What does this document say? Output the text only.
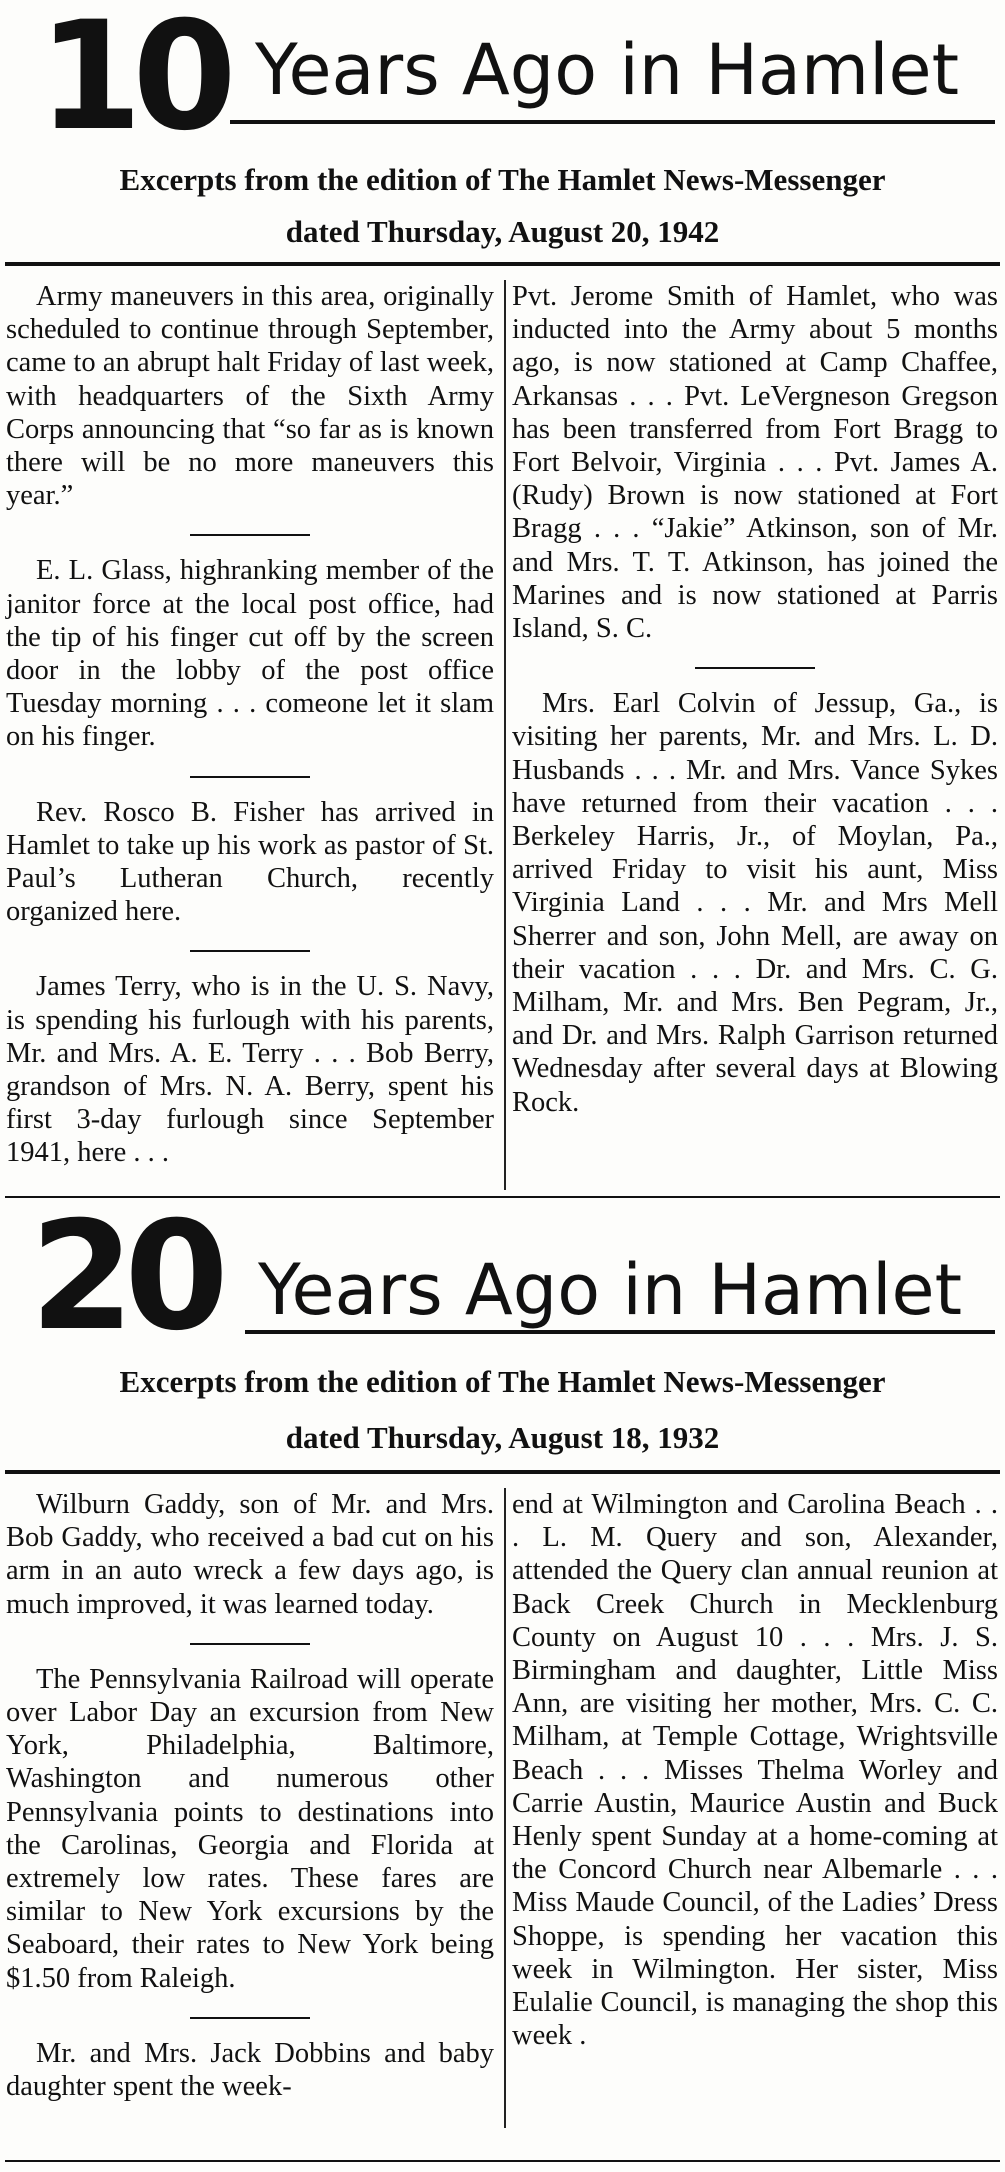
10 Years Ago in Hamlet
Excerpts from the edition of The Hamlet News-Messenger
dated Thursday, August 20, 1942

Army maneuvers in this area, originally scheduled to continue through September, came to an abrupt halt Friday of last week, with headquarters of the Sixth Army Corps announcing that “so far as is known there will be no more maneuvers this year.”

E. L. Glass, highranking member of the janitor force at the local post office, had the tip of his finger cut off by the screen door in the lobby of the post office Tuesday morning . . . comeone let it slam on his finger.

Rev. Rosco B. Fisher has arrived in Hamlet to take up his work as pastor of St. Paul’s Lutheran Church, recently organized here.

James Terry, who is in the U. S. Navy, is spending his furlough with his parents, Mr. and Mrs. A. E. Terry . . . Bob Berry, grandson of Mrs. N. A. Berry, spent his first 3-day furlough since September 1941, here . . .

Pvt. Jerome Smith of Hamlet, who was inducted into the Army about 5 months ago, is now stationed at Camp Chaffee, Arkansas . . . Pvt. LeVergneson Gregson has been transferred from Fort Bragg to Fort Belvoir, Virginia . . . Pvt. James A. (Rudy) Brown is now stationed at Fort Bragg . . . “Jakie” Atkinson, son of Mr. and Mrs. T. T. Atkinson, has joined the Marines and is now stationed at Parris Island, S. C.

Mrs. Earl Colvin of Jessup, Ga., is visiting her parents, Mr. and Mrs. L. D. Husbands . . . Mr. and Mrs. Vance Sykes have returned from their vacation . . . Berkeley Harris, Jr., of Moylan, Pa., arrived Friday to visit his aunt, Miss Virginia Land . . . Mr. and Mrs Mell Sherrer and son, John Mell, are away on their vacation . . . Dr. and Mrs. C. G. Milham, Mr. and Mrs. Ben Pegram, Jr., and Dr. and Mrs. Ralph Garrison returned Wednesday after several days at Blowing Rock.

20 Years Ago in Hamlet
Excerpts from the edition of The Hamlet News-Messenger
dated Thursday, August 18, 1932

Wilburn Gaddy, son of Mr. and Mrs. Bob Gaddy, who received a bad cut on his arm in an auto wreck a few days ago, is much improved, it was learned today.

The Pennsylvania Railroad will operate over Labor Day an excursion from New York, Philadelphia, Baltimore, Washington and numerous other Pennsylvania points to destinations into the Carolinas, Georgia and Florida at extremely low rates. These fares are similar to New York excursions by the Seaboard, their rates to New York being $1.50 from Raleigh.

Mr. and Mrs. Jack Dobbins and baby daughter spent the week-

end at Wilmington and Carolina Beach . . . L. M. Query and son, Alexander, attended the Query clan annual reunion at Back Creek Church in Mecklenburg County on August 10 . . . Mrs. J. S. Birmingham and daughter, Little Miss Ann, are visiting her mother, Mrs. C. C. Milham, at Temple Cottage, Wrightsville Beach . . . Misses Thelma Worley and Carrie Austin, Maurice Austin and Buck Henly spent Sunday at a home-coming at the Concord Church near Albemarle . . . Miss Maude Council, of the Ladies’ Dress Shoppe, is spending her vacation this week in Wilmington. Her sister, Miss Eulalie Council, is managing the shop this week .
